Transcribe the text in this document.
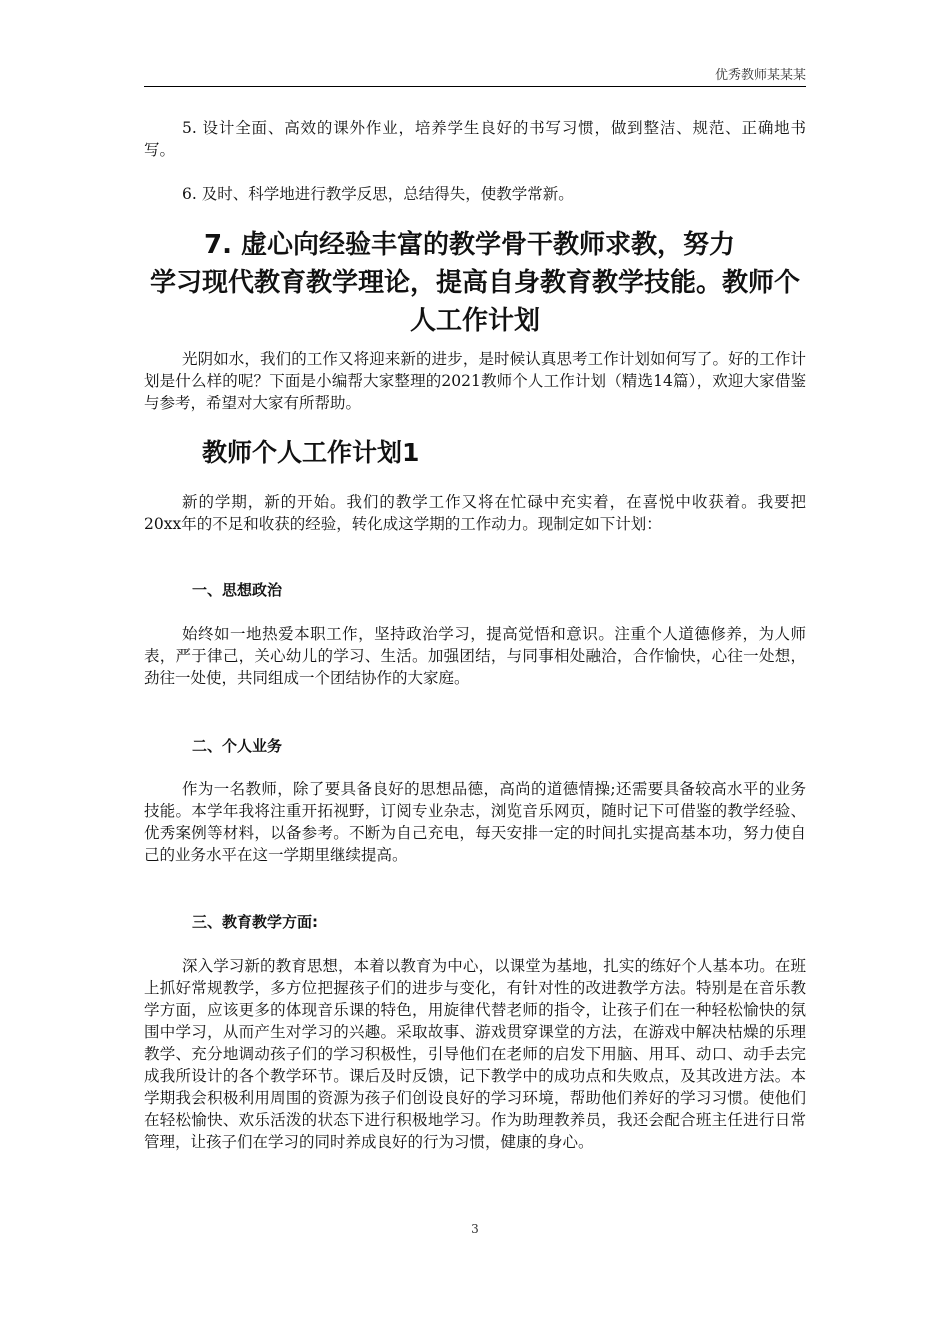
优秀教师某某某

5. 设计全面、高效的课外作业，培养学生良好的书写习惯，做到整洁、规范、正确地书写。

6. 及时、科学地进行教学反思，总结得失，使教学常新。

7. 虚心向经验丰富的教学骨干教师求教，努力
学习现代教育教学理论，提高自身教育教学技能。教师个人工作计划

光阴如水，我们的工作又将迎来新的进步，是时候认真思考工作计划如何写了。好的工作计划是什么样的呢？下面是小编帮大家整理的2021教师个人工作计划（精选14篇），欢迎大家借鉴与参考，希望对大家有所帮助。

教师个人工作计划1

新的学期，新的开始。我们的教学工作又将在忙碌中充实着，在喜悦中收获着。我要把20xx年的不足和收获的经验，转化成这学期的工作动力。现制定如下计划：

一、思想政治

始终如一地热爱本职工作，坚持政治学习，提高觉悟和意识。注重个人道德修养，为人师表，严于律己，关心幼儿的学习、生活。加强团结，与同事相处融洽，合作愉快，心往一处想，劲往一处使，共同组成一个团结协作的大家庭。

二、个人业务

作为一名教师，除了要具备良好的思想品德，高尚的道德情操;还需要具备较高水平的业务技能。本学年我将注重开拓视野，订阅专业杂志，浏览音乐网页，随时记下可借鉴的教学经验、优秀案例等材料，以备参考。不断为自己充电，每天安排一定的时间扎实提高基本功，努力使自己的业务水平在这一学期里继续提高。

三、教育教学方面:

深入学习新的教育思想，本着以教育为中心，以课堂为基地，扎实的练好个人基本功。在班上抓好常规教学，多方位把握孩子们的进步与变化，有针对性的改进教学方法。特别是在音乐教学方面，应该更多的体现音乐课的特色，用旋律代替老师的指令，让孩子们在一种轻松愉快的氛围中学习，从而产生对学习的兴趣。采取故事、游戏贯穿课堂的方法，在游戏中解决枯燥的乐理教学、充分地调动孩子们的学习积极性，引导他们在老师的启发下用脑、用耳、动口、动手去完成我所设计的各个教学环节。课后及时反馈，记下教学中的成功点和失败点，及其改进方法。本学期我会积极利用周围的资源为孩子们创设良好的学习环境，帮助他们养好的学习习惯。使他们在轻松愉快、欢乐活泼的状态下进行积极地学习。作为助理教养员，我还会配合班主任进行日常管理，让孩子们在学习的同时养成良好的行为习惯，健康的身心。

3
